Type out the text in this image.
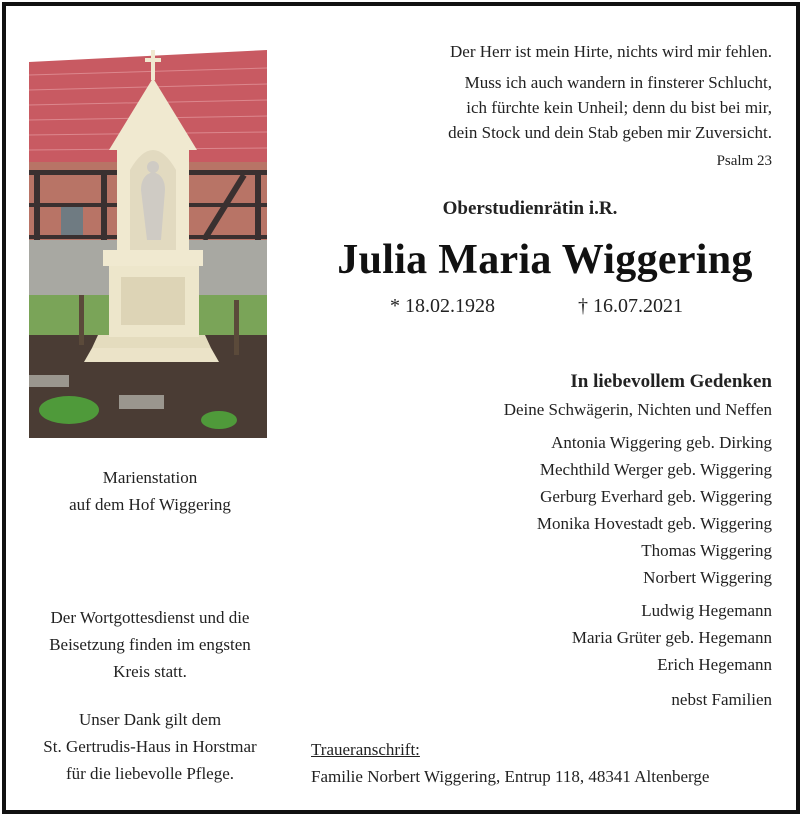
Der Herr ist mein Hirte, nichts wird mir fehlen.
Muss ich auch wandern in finsterer Schlucht,
ich fürchte kein Unheil; denn du bist bei mir,
dein Stock und dein Stab geben mir Zuversicht.
Psalm 23
Oberstudienrätin i.R.
Julia Maria Wiggering
* 18.02.1928	† 16.07.2021
Marienstation
auf dem Hof Wiggering
Der Wortgottesdienst und die
Beisetzung finden im engsten
Kreis statt.
Unser Dank gilt dem
St. Gertrudis-Haus in Horstmar
für die liebevolle Pflege.
In liebevollem Gedenken
Deine Schwägerin, Nichten und Neffen
Antonia Wiggering geb. Dirking
Mechthild Werger geb. Wiggering
Gerburg Everhard geb. Wiggering
Monika Hovestadt geb. Wiggering
Thomas Wiggering
Norbert Wiggering
Ludwig Hegemann
Maria Grüter geb. Hegemann
Erich Hegemann
nebst Familien
Traueranschrift:
Familie Norbert Wiggering, Entrup 118, 48341 Altenberge
